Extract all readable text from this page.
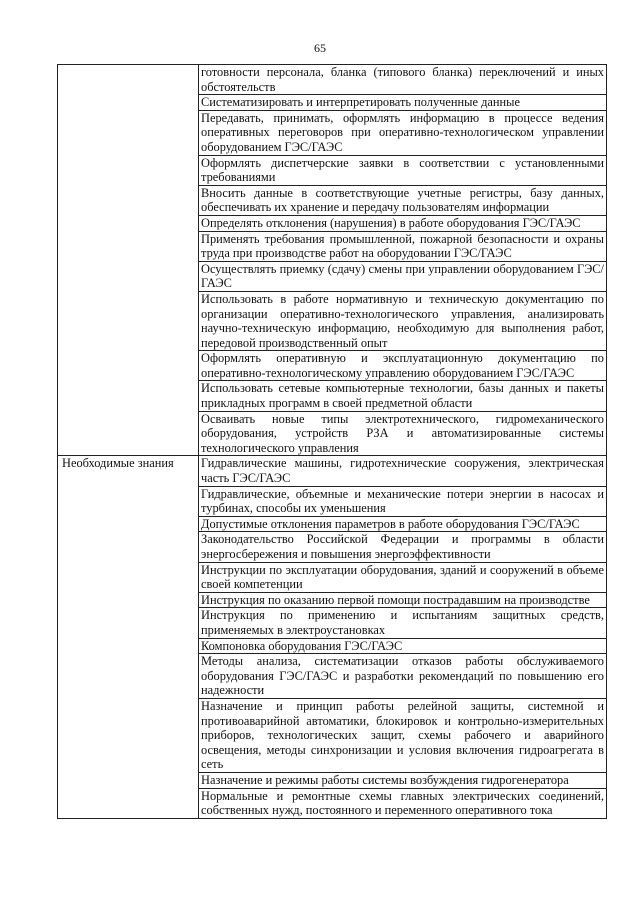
65
	готовности персонала, бланка (типового бланка) переключений и иных обстоятельств
	Систематизировать и интерпретировать полученные данные
	Передавать, принимать, оформлять информацию в процессе ведения оперативных переговоров при оперативно-технологическом управлении оборудованием ГЭС/ГАЭС
	Оформлять диспетчерские заявки в соответствии с установленными требованиями
	Вносить данные в соответствующие учетные регистры, базу данных, обеспечивать их хранение и передачу пользователям информации
	Определять отклонения (нарушения) в работе оборудования ГЭС/ГАЭС
	Применять требования промышленной, пожарной безопасности и охраны труда при производстве работ на оборудовании ГЭС/ГАЭС
	Осуществлять приемку (сдачу) смены при управлении оборудованием ГЭС/ГАЭС
	Использовать в работе нормативную и техническую документацию по организации оперативно-технологического управления, анализировать научно-техническую информацию, необходимую для выполнения работ, передовой производственный опыт
	Оформлять оперативную и эксплуатационную документацию по оперативно-технологическому управлению оборудованием ГЭС/ГАЭС
	Использовать сетевые компьютерные технологии, базы данных и пакеты прикладных программ в своей предметной области
	Осваивать новые типы электротехнического, гидромеханического оборудования, устройств РЗА и автоматизированные системы технологического управления

Необходимые знания	Гидравлические машины, гидротехнические сооружения, электрическая часть ГЭС/ГАЭС
	Гидравлические, объемные и механические потери энергии в насосах и турбинах, способы их уменьшения
	Допустимые отклонения параметров в работе оборудования ГЭС/ГАЭС
	Законодательство Российской Федерации и программы в области энергосбережения и повышения энергоэффективности
	Инструкции по эксплуатации оборудования, зданий и сооружений в объеме своей компетенции
	Инструкция по оказанию первой помощи пострадавшим на производстве
	Инструкция по применению и испытаниям защитных средств, применяемых в электроустановках
	Компоновка оборудования ГЭС/ГАЭС
	Методы анализа, систематизации отказов работы обслуживаемого оборудования ГЭС/ГАЭС и разработки рекомендаций по повышению его надежности
	Назначение и принцип работы релейной защиты, системной и противоаварийной автоматики, блокировок и контрольно-измерительных приборов, технологических защит, схемы рабочего и аварийного освещения, методы синхронизации и условия включения гидроагрегата в сеть
	Назначение и режимы работы системы возбуждения гидрогенератора
	Нормальные и ремонтные схемы главных электрических соединений, собственных нужд, постоянного и переменного оперативного тока
